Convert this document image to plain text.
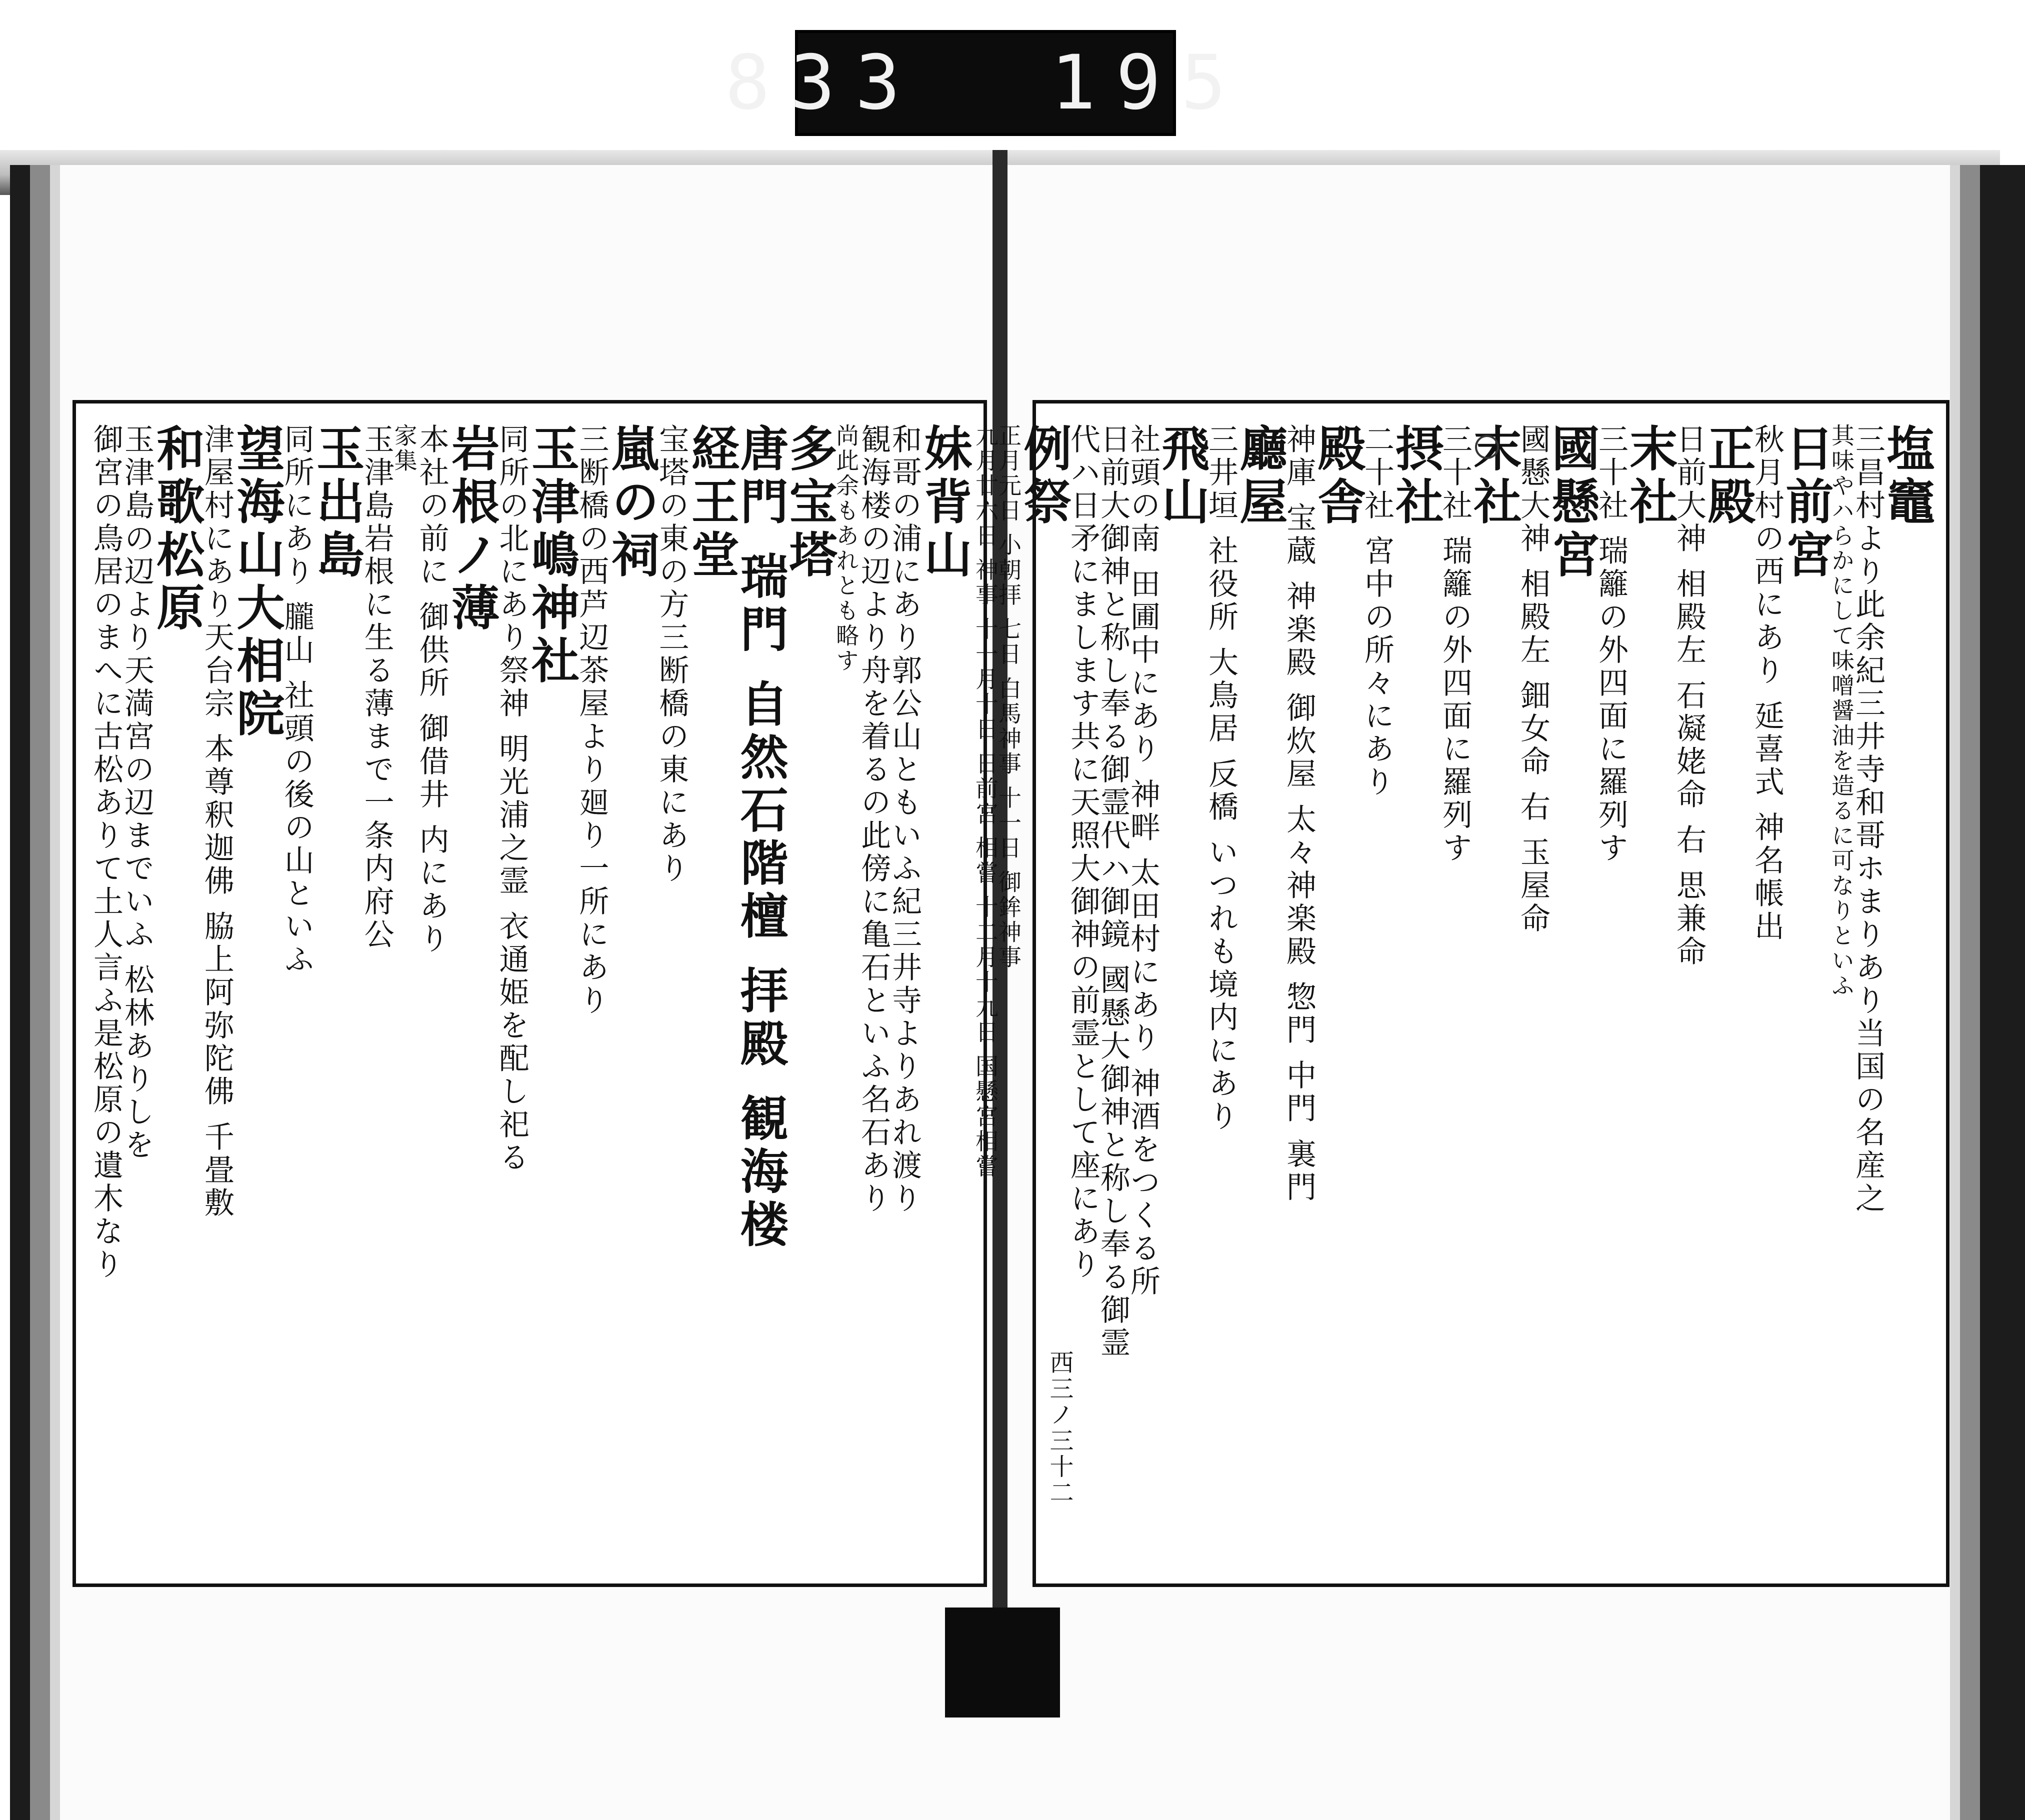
833  195
妹背山
和哥の浦にあり郭公山ともいふ紀三井寺よりあれ渡り
観海楼の辺より舟を着るの此傍に亀石といふ名石あり
尚此余もあれとも略す
多宝塔
唐門 瑞門 自然石階檀 拝殿 観海楼
経王堂
宝塔の東の方三断橋の東にあり
嵐の祠
三断橋の西芦辺茶屋より廻り一所にあり
玉津嶋神社
同所の北にあり祭神 明光浦之霊 衣通姫を配し祀る
岩根ノ薄
本社の前に 御供所 御借井 内にあり
家集
玉津島岩根に生る薄まで一条内府公
玉出島
同所にあり 朧山 社頭の後の山といふ
望海山大相院
津屋村にあり天台宗 本尊釈迦佛 脇上阿弥陀佛 千畳敷
和歌松原
玉津島の辺より天満宮の辺までいふ 松林ありしを
御宮の鳥居のまへに古松ありて土人言ふ是松原の遺木なり	塩竈
三昌村より此余紀三井寺和哥ホまりあり当国の名産之
其味やハらかにして味噌醤油を造るに可なりといふ
日前宮
秋月村の西にあり 延喜式 神名帳出
正殿
日前大神 相殿左 石凝姥命 右 思兼命
末社
三十社 瑞籬の外四面に羅列す
國懸宮
國懸大神 相殿左 鈿女命 右 玉屋命
末社
三十社 瑞籬の外四面に羅列す
摂社
二十社 宮中の所々にあり
殿舎
神庫 宝蔵 神楽殿 御炊屋 太々神楽殿 惣門 中門 裏門
廳屋
三井垣 社役所 大鳥居 反橋 いつれも境内にあり
飛山
社頭の南 田圃中にあり 神畔 太田村にあり 神酒をつくる所
日前大御神と称し奉る御霊代ハ御鏡 國懸大御神と称し奉る御霊
代ハ日矛にまします共に天照大御神の前霊として座にあり
例祭
正月元日 小朝拝 七日 白馬神事 十一日 御鉾神事
九月廿六日 神事 十一月十日 日前宮 相嘗 十二月十九日 国懸宮相嘗
西三ノ三十二
